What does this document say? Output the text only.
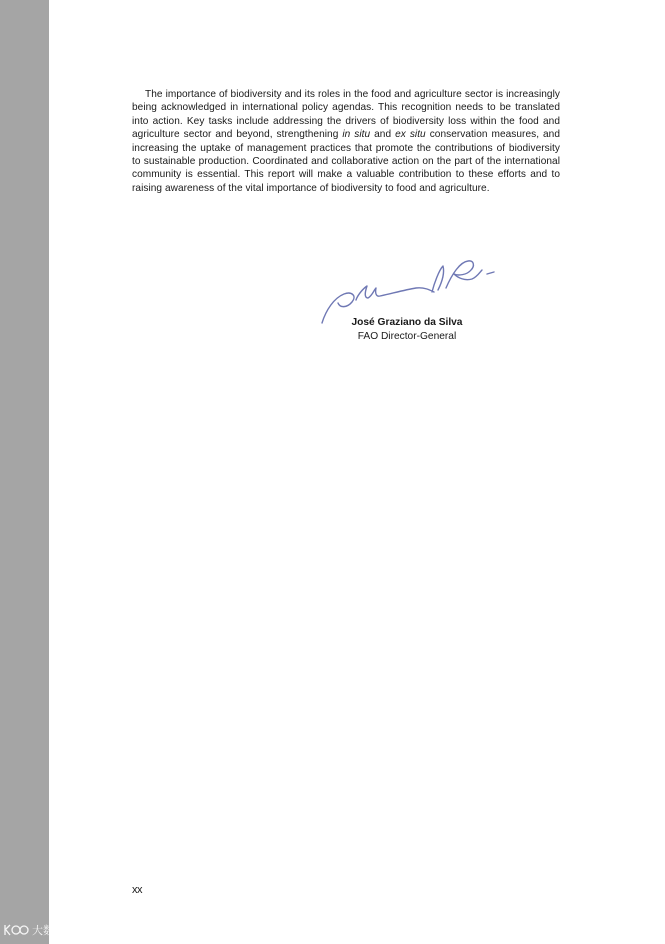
The importance of biodiversity and its roles in the food and agriculture sector is increasingly being acknowledged in international policy agendas. This recognition needs to be translated into action. Key tasks include addressing the drivers of biodiversity loss within the food and agriculture sector and beyond, strengthening in situ and ex situ conservation measures, and increasing the uptake of management practices that promote the contributions of biodiversity to sustainable production. Coordinated and collaborative action on the part of the international community is essential. This report will make a valuable contribution to these efforts and to raising awareness of the vital importance of biodiversity to food and agriculture.

José Graziano da Silva
FAO Director-General
xx
大数跨境
